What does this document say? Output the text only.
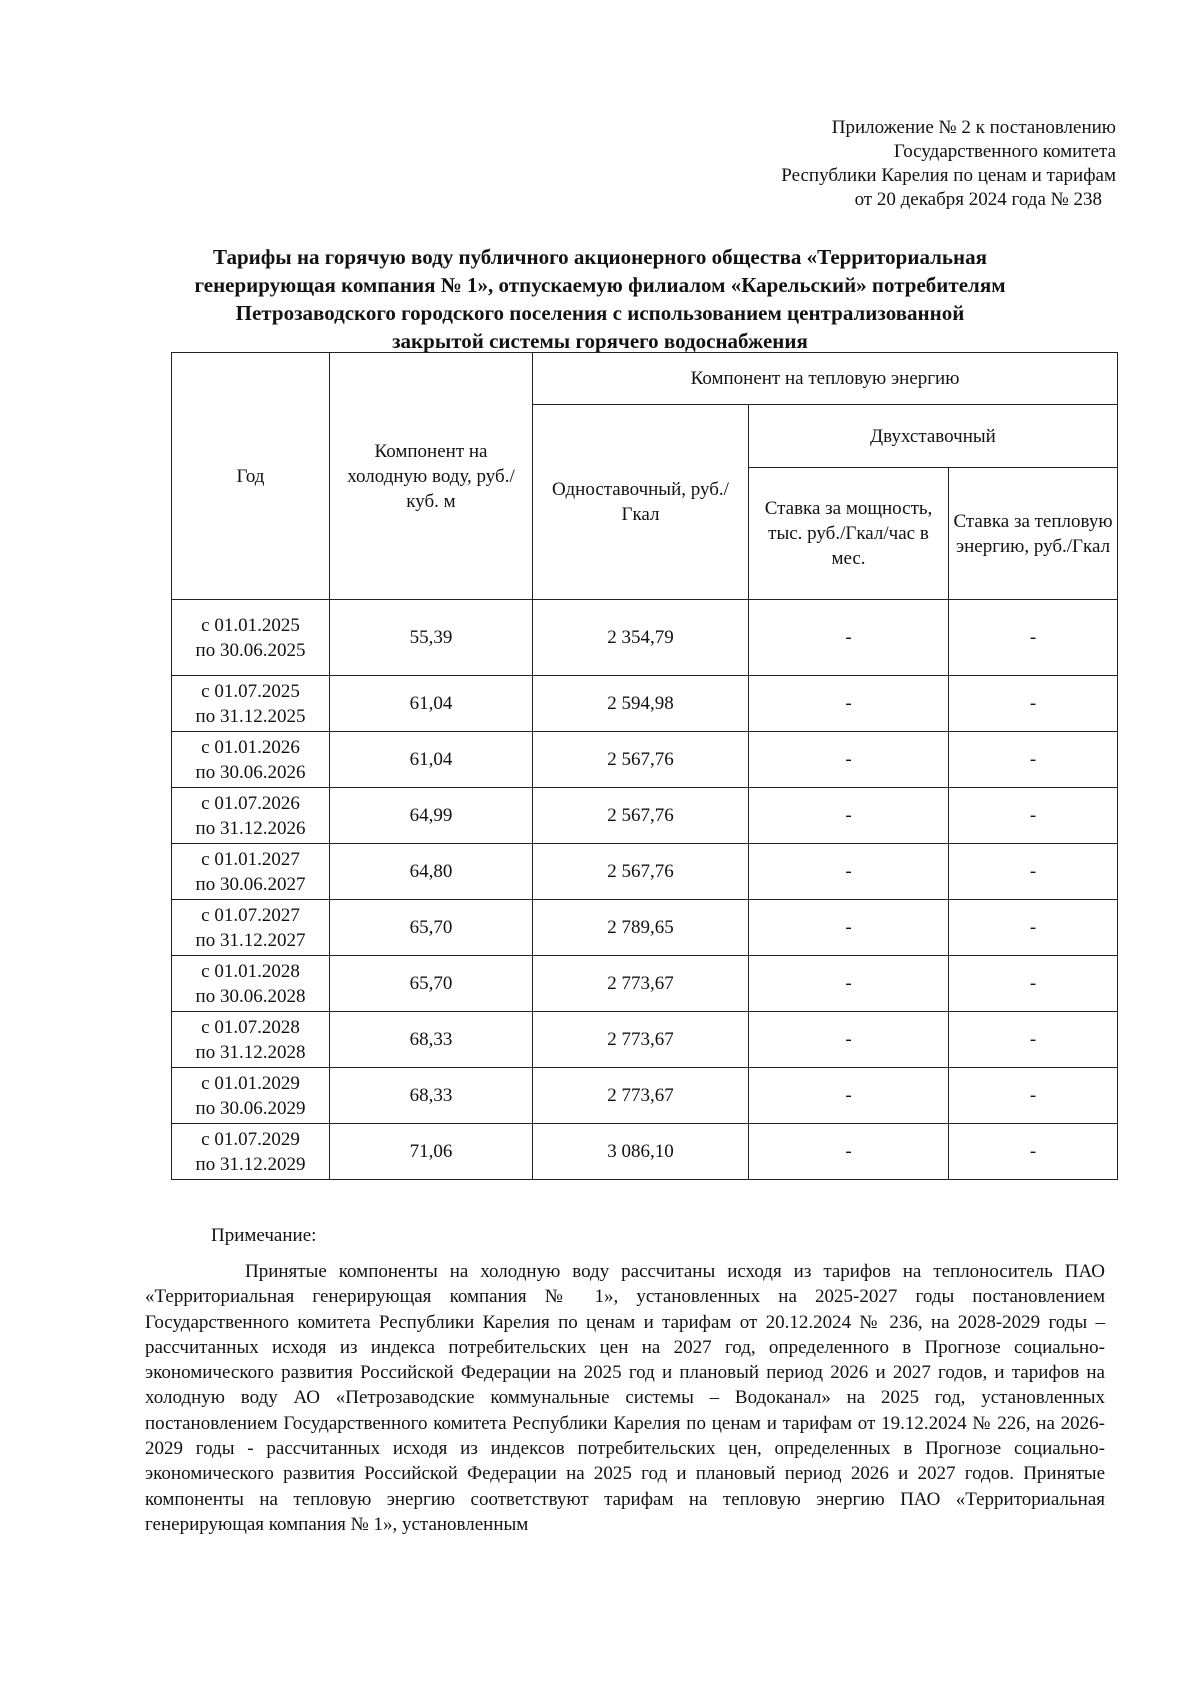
Приложение № 2 к постановлению
Государственного комитета
Республики Карелия по ценам и тарифам
от 20 декабря 2024 года № 238
Тарифы на горячую воду публичного акционерного общества «Территориальная
генерирующая компания № 1», отпускаемую филиалом «Карельский» потребителям
Петрозаводского городского поселения с использованием централизованной
закрытой системы горячего водоснабжения
Год	Компонент на холодную воду, руб./куб. м	Компонент на тепловую энергию		
		Одноставочный, руб./Гкал	Двухставочный	
			Ставка за мощность, тыс. руб./Гкал/час в мес.	Ставка за тепловую энергию, руб./Гкал

с 01.01.2025
по 30.06.2025	55,39	2 354,79	-	-

с 01.07.2025
по 31.12.2025	61,04	2 594,98	-	-

с 01.01.2026
по 30.06.2026	61,04	2 567,76	-	-

с 01.07.2026
по 31.12.2026	64,99	2 567,76	-	-

с 01.01.2027
по 30.06.2027	64,80	2 567,76	-	-

с 01.07.2027
по 31.12.2027	65,70	2 789,65	-	-

с 01.01.2028
по 30.06.2028	65,70	2 773,67	-	-

с 01.07.2028
по 31.12.2028	68,33	2 773,67	-	-

с 01.01.2029
по 30.06.2029	68,33	2 773,67	-	-

с 01.07.2029
по 31.12.2029	71,06	3 086,10	-	-
Примечание:
Принятые компоненты на холодную воду рассчитаны исходя из тарифов на теплоноситель ПАО «Территориальная генерирующая компания № 1», установленных на 2025-2027 годы постановлением Государственного комитета Республики Карелия по ценам и тарифам от 20.12.2024 № 236, на 2028-2029 годы – рассчитанных исходя из индекса потребительских цен на 2027 год, определенного в Прогнозе социально-экономического развития Российской Федерации на 2025 год и плановый период 2026 и 2027 годов, и тарифов на холодную воду АО «Петрозаводские коммунальные системы – Водоканал» на 2025 год, установленных постановлением Государственного комитета Республики Карелия по ценам и тарифам от 19.12.2024 № 226, на 2026-2029 годы - рассчитанных исходя из индексов потребительских цен, определенных в Прогнозе социально-экономического развития Российской Федерации на 2025 год и плановый период 2026 и 2027 годов. Принятые компоненты на тепловую энергию соответствуют тарифам на тепловую энергию ПАО «Территориальная генерирующая компания № 1», установленным
